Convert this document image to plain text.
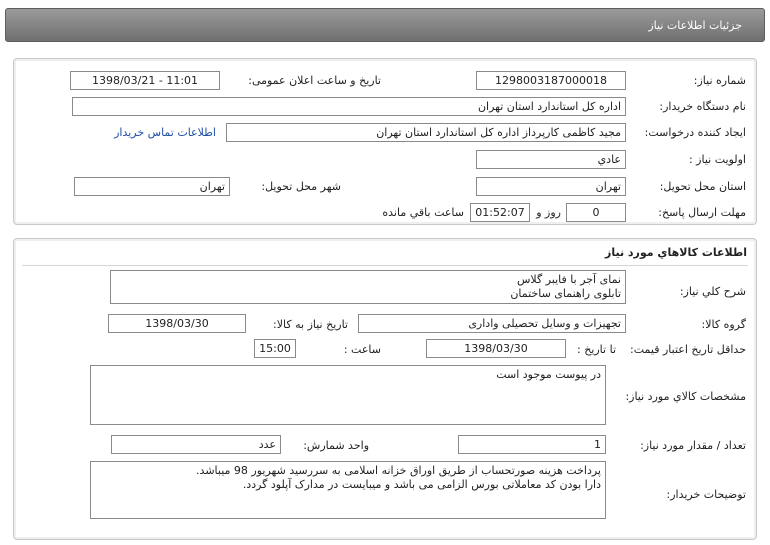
جزئیات اطلاعات نیاز
شماره نیاز:
1298003187000018
تاریخ و ساعت اعلان عمومی:
1398/03/21 - 11:01
نام دستگاه خریدار:
اداره کل استاندارد استان تهران
ایجاد کننده درخواست:
مجید کاظمی کارپرداز اداره کل استاندارد استان تهران
اطلاعات تماس خریدار
اولویت نیاز :
عادي
استان محل تحویل:
تهران
شهر محل تحویل:
تهران
مهلت ارسال پاسخ:
0
روز و
01:52:07
ساعت باقي مانده
اطلاعات کالاهاي مورد نیاز
شرح کلي نیاز:
نمای آجر با فایبر گلاس
تابلوی راهنمای ساختمان
گروه کالا:
تجهیزات و وسایل تحصیلی واداری
تاریخ نیاز به کالا:
1398/03/30
حداقل تاریخ اعتبار قیمت:
تا تاریخ :
1398/03/30
ساعت :
15:00
مشخصات کالاي مورد نیاز:
در پیوست موجود است
تعداد / مقدار مورد نیاز:
1
واحد شمارش:
عدد
توضیحات خریدار:
پرداخت هزینه صورتحساب از طریق اوراق خزانه اسلامی به سررسید شهریور 98 میباشد.
دارا بودن کد معاملاتی بورس الزامی می باشد و میبایست در مدارک آپلود گردد.
